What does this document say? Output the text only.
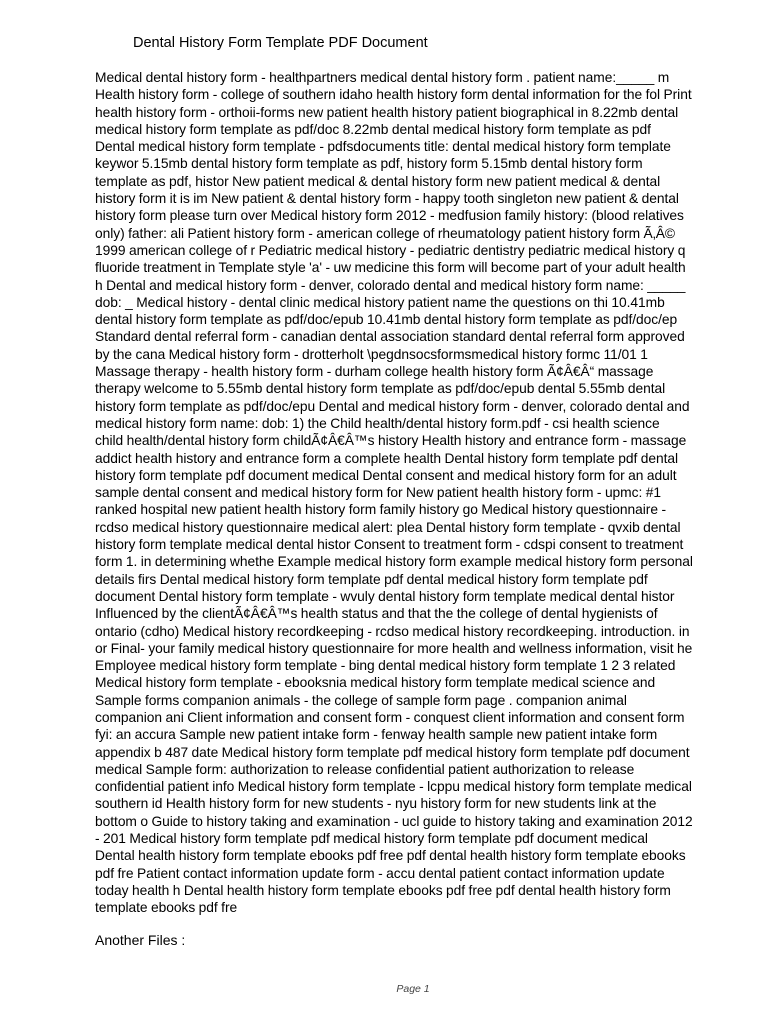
Dental History Form Template PDF Document
Medical dental history form - healthpartners medical dental history form . patient name:_____ m
Health history form - college of southern idaho health history form dental information for the fol Print
health history form - orthoii-forms new patient health history patient biographical in 8.22mb dental
medical history form template as pdf/doc 8.22mb dental medical history form template as pdf
Dental medical history form template - pdfsdocuments title: dental medical history form template
keywor 5.15mb dental history form template as pdf, history form 5.15mb dental history form
template as pdf, histor New patient medical & dental history form new patient medical & dental
history form it is im New patient & dental history form - happy tooth singleton new patient & dental
history form please turn over Medical history form 2012 - medfusion family history: (blood relatives
only) father: ali Patient history form - american college of rheumatology patient history form Ã‚Â©
1999 american college of r Pediatric medical history - pediatric dentistry pediatric medical history q
fluoride treatment in Template style 'a' - uw medicine this form will become part of your adult health
h Dental and medical history form - denver, colorado dental and medical history form name: _____
dob: _ Medical history - dental clinic medical history patient name the questions on thi 10.41mb
dental history form template as pdf/doc/epub 10.41mb dental history form template as pdf/doc/ep
Standard dental referral form - canadian dental association standard dental referral form approved
by the cana Medical history form - drotterholt \pegdnsocsformsmedical history formc 11/01 1
Massage therapy - health history form - durham college health history form Ã¢Â€Â“ massage
therapy welcome to 5.55mb dental history form template as pdf/doc/epub dental 5.55mb dental
history form template as pdf/doc/epu Dental and medical history form - denver, colorado dental and
medical history form name: dob: 1) the Child health/dental history form.pdf - csi health science
child health/dental history form childÃ¢Â€Â™s history Health history and entrance form - massage
addict health history and entrance form a complete health Dental history form template pdf dental
history form template pdf document medical Dental consent and medical history form for an adult
sample dental consent and medical history form for New patient health history form - upmc: #1
ranked hospital new patient health history form family history go Medical history questionnaire -
rcdso medical history questionnaire medical alert: plea Dental history form template - qvxib dental
history form template medical dental histor Consent to treatment form - cdspi consent to treatment
form 1. in determining whethe Example medical history form example medical history form personal
details firs Dental medical history form template pdf dental medical history form template pdf
document Dental history form template - wvuly dental history form template medical dental histor
Influenced by the clientÃ¢Â€Â™s health status and that the the college of dental hygienists of
ontario (cdho) Medical history recordkeeping - rcdso medical history recordkeeping. introduction. in
or Final- your family medical history questionnaire for more health and wellness information, visit he
Employee medical history form template - bing dental medical history form template 1 2 3 related
Medical history form template - ebooksnia medical history form template medical science and
Sample forms companion animals - the college of sample form page . companion animal
companion ani Client information and consent form - conquest client information and consent form
fyi: an accura Sample new patient intake form - fenway health sample new patient intake form
appendix b 487 date Medical history form template pdf medical history form template pdf document
medical Sample form: authorization to release confidential patient authorization to release
confidential patient info Medical history form template - lcppu medical history form template medical
southern id Health history form for new students - nyu history form for new students link at the
bottom o Guide to history taking and examination - ucl guide to history taking and examination 2012
- 201 Medical history form template pdf medical history form template pdf document medical
Dental health history form template ebooks pdf free pdf dental health history form template ebooks
pdf fre Patient contact information update form - accu dental patient contact information update
today health h Dental health history form template ebooks pdf free pdf dental health history form
template ebooks pdf fre
Another Files :
Page 1
